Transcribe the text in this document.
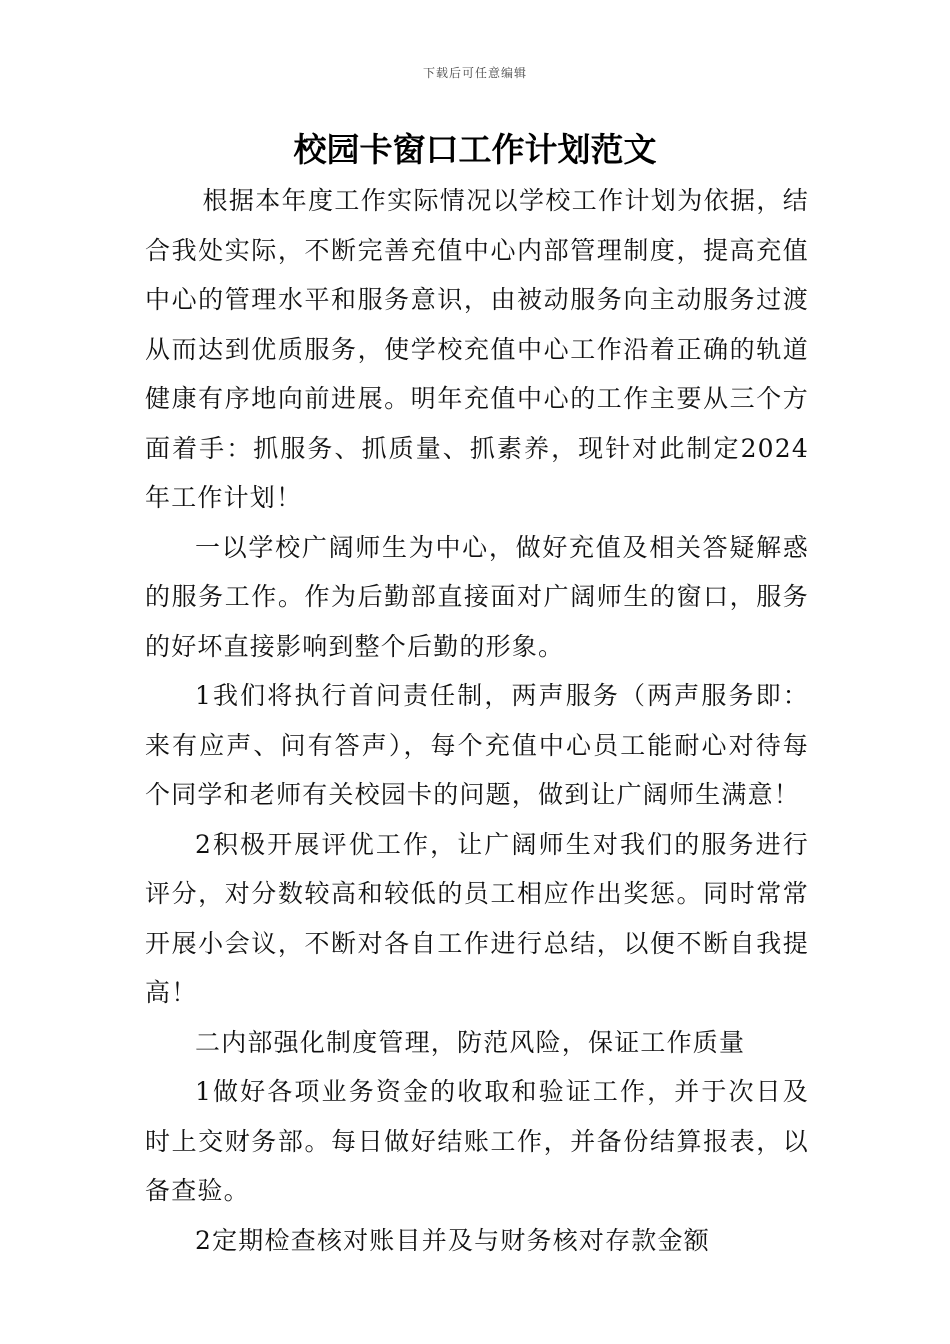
下载后可任意编辑
校园卡窗口工作计划范文

根据本年度工作实际情况以学校工作计划为依据，结合我处实际，不断完善充值中心内部管理制度，提高充值中心的管理水平和服务意识，由被动服务向主动服务过渡从而达到优质服务，使学校充值中心工作沿着正确的轨道健康有序地向前进展。明年充值中心的工作主要从三个方面着手：抓服务、抓质量、抓素养，现针对此制定2024年工作计划！

一以学校广阔师生为中心，做好充值及相关答疑解惑的服务工作。作为后勤部直接面对广阔师生的窗口，服务的好坏直接影响到整个后勤的形象。

1我们将执行首问责任制，两声服务（两声服务即：来有应声、问有答声），每个充值中心员工能耐心对待每个同学和老师有关校园卡的问题，做到让广阔师生满意！

2积极开展评优工作，让广阔师生对我们的服务进行评分，对分数较高和较低的员工相应作出奖惩。同时常常开展小会议，不断对各自工作进行总结，以便不断自我提高！

二内部强化制度管理，防范风险，保证工作质量

1做好各项业务资金的收取和验证工作，并于次日及时上交财务部。每日做好结账工作，并备份结算报表，以备查验。

2定期检查核对账目并及与财务核对存款金额
